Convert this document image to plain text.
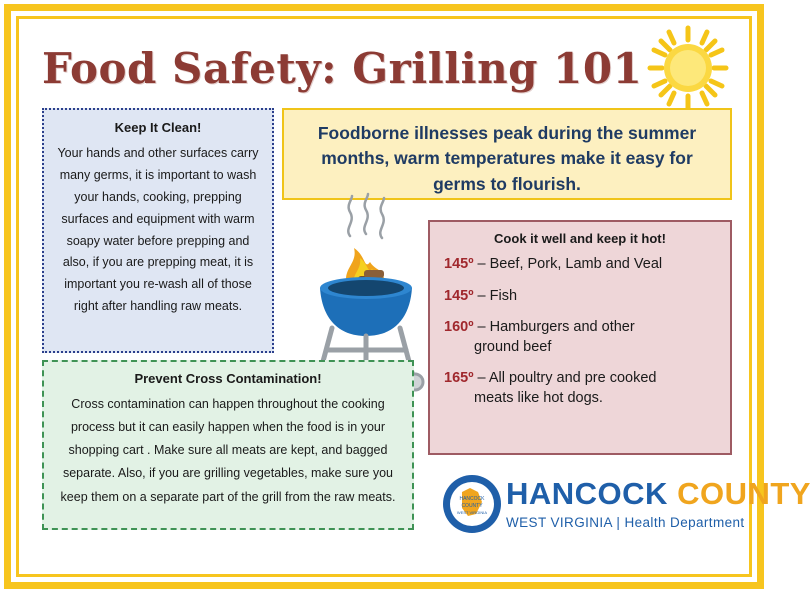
Food Safety: Grilling 101
Keep It Clean!
Your hands and other surfaces carry many germs, it is important to wash your hands, cooking, prepping surfaces and equipment with warm soapy water before prepping and also, if you are prepping meat, it is important you re-wash all of those right after handling raw meats.
Foodborne illnesses peak during the summer months, warm temperatures make it easy for germs to flourish.
Cook it well and keep it hot!
145º – Beef, Pork, Lamb and Veal
145º – Fish
160º – Hamburgers and other
ground beef
165º – All poultry and pre cooked
meats like hot dogs.
Prevent Cross Contamination!
Cross contamination can happen throughout the cooking process but it can easily happen when the food is in your shopping cart . Make sure all meats are kept, and bagged separate. Also, if you are grilling vegetables, make sure you keep them on a separate part of the grill from the raw meats.	HANCOCK
COUNTY
WEST VIRGINIA
HANCOCK COUNTY
WEST VIRGINIA | Health Department
